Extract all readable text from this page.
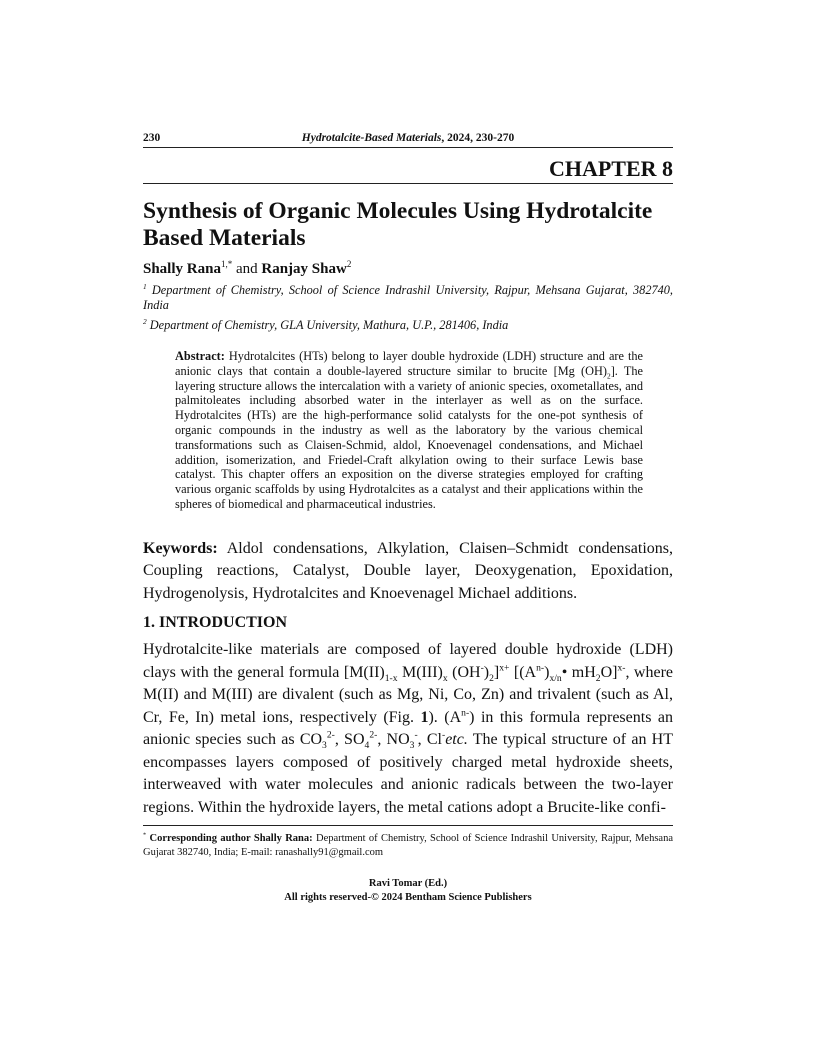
230	Hydrotalcite-Based Materials, 2024, 230-270
CHAPTER 8
Synthesis of Organic Molecules Using Hydrotalcite Based Materials
Shally Rana$^{1,*}$ and Ranjay Shaw$^2$
$^1$ Department of Chemistry, School of Science Indrashil University, Rajpur, Mehsana Gujarat, 382740, India
$^2$ Department of Chemistry, GLA University, Mathura, U.P., 281406, India
Abstract: Hydrotalcites (HTs) belong to layer double hydroxide (LDH) structure and are the anionic clays that contain a double-layered structure similar to brucite [Mg $(OH)_2$]. The layering structure allows the intercalation with a variety of anionic species, oxometallates, and palmitoleates including absorbed water in the interlayer as well as on the surface. Hydrotalcites (HTs) are the high-performance solid catalysts for the one-pot synthesis of organic compounds in the industry as well as the laboratory by the various chemical transformations such as Claisen-Schmid, aldol, Knoevenagel condensations, and Michael addition, isomerization, and Friedel-Craft alkylation owing to their surface Lewis base catalyst. This chapter offers an exposition on the diverse strategies employed for crafting various organic scaffolds by using Hydrotalcites as a catalyst and their applications within the spheres of biomedical and pharmaceutical industries.
Keywords: Aldol condensations, Alkylation, Claisen–Schmidt condensations, Coupling reactions, Catalyst, Double layer, Deoxygenation, Epoxidation, Hydrogenolysis, Hydrotalcites and Knoevenagel Michael additions.
1. INTRODUCTION
Hydrotalcite-like materials are composed of layered double hydroxide (LDH) clays with the general formula [$M(II)_{1-x}$ $M(III)_x$ $(OH^-)_2]^{x+}$ [$(A^{n-})_{x/n}•$ $mH_2O]^{x-}$, where M(II) and M(III) are divalent (such as Mg, Ni, Co, Zn) and trivalent (such as Al, Cr, Fe, In) metal ions, respectively (Fig. 1). $(A^{n-})$ in this formula represents an anionic species such as $CO_3^{2-}$, $SO_4^{2-}$, $NO_3^-$, Cl-etc. The typical structure of an HT encompasses layers composed of positively charged metal hydroxide sheets, interweaved with water molecules and anionic radicals between the two-layer regions. Within the hydroxide layers, the metal cations adopt a Brucite-like confi-
* Corresponding author Shally Rana: Department of Chemistry, School of Science Indrashil University, Rajpur, Mehsana Gujarat 382740, India; E-mail: ranashally91@gmail.com
Ravi Tomar (Ed.)
All rights reserved-© 2024 Bentham Science Publishers
